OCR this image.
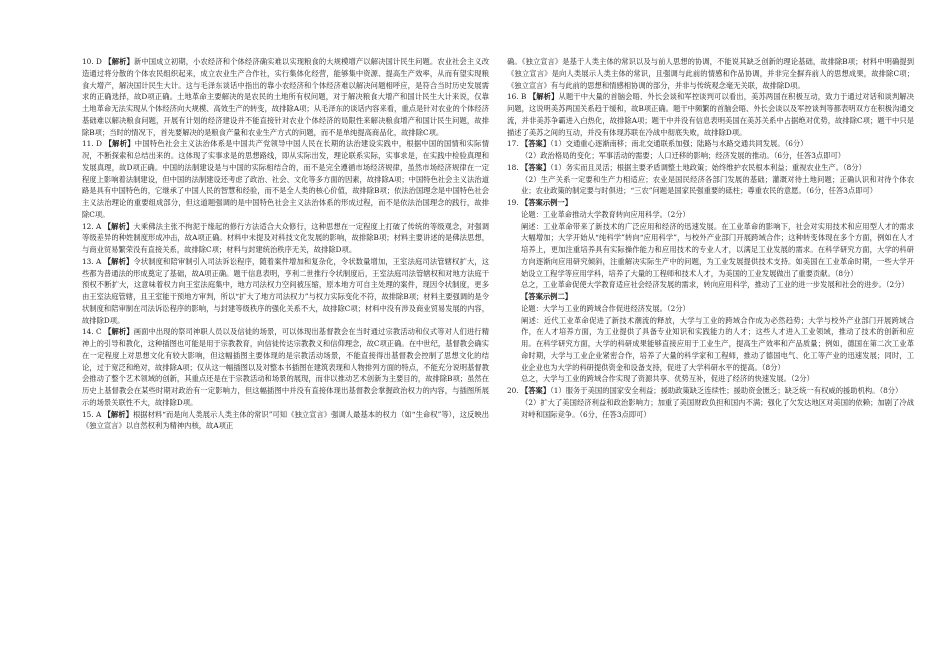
10. D 【解析】新中国成立初期，小农经济和个体经济确实难以实现粮食的大规模增产以解决国计民生问题。农业社会主义改造通过将分散的个体农民组织起来，成立农业生产合作社，实行集体化经营，能够集中资源、提高生产效率，从而有望实现粮食大增产，解决国计民生大计。这与毛泽东谈话中指出的靠小农经济和个体经济难以解决问题相呼应，是符合当时历史发展需求的正确选择，故D项正确。土地革命主要解决的是农民的土地所有权问题，对于解决粮食大增产和国计民生大计来说，仅靠土地革命无法实现从个体经济向大规模、高效生产的转变，故排除A项；从毛泽东的谈话内容来看，重点是针对农业的个体经济基础难以解决粮食问题，开展有计划的经济建设并不能直接针对农业个体经济的局限性来解决粮食增产和国计民生问题，故排除B项；当时的情况下，首先要解决的是粮食产量和农业生产方式的问题，而不是单纯提高商品化，故排除C项。

11. D 【解析】中国特色社会主义法治体系是中国共产党领导中国人民在长期的法治建设实践中，根据中国的国情和实际情况，不断探索和总结出来的。这体现了实事求是的思想路线，即从实际出发，理论联系实际，实事求是，在实践中检验真理和发展真理，故D项正确。中国的法制建设是与中国的实际相结合的，而不是完全遵循市场经济规律，虽然市场经济规律在一定程度上影响着法制建设，但中国的法制建设还考虑了政治、社会、文化等多方面的因素，故排除A项；中国特色社会主义法治道路是具有中国特色的，它继承了中国人民的智慧和经验，而不是全人类的核心价值，故排除B项；依法治国理念是中国特色社会主义法治理论的重要组成部分，但这道题强调的是中国特色社会主义法治体系的形成过程，而不是依法治国理念的践行，故排除C项。

12. A 【解析】大乘佛法主张不拘泥于缘起的修行方法适合大众修行，这种思想在一定程度上打破了传统的等级观念，对强调等级差异的种姓制度形成冲击，故A项正确。材料中未提及对科技文化发展的影响，故排除B项；材料主要讲述的是佛法思想，与商业贸易繁荣没有直接关系，故排除C项；材料与封建统治秩序无关，故排除D项。

13. A 【解析】令状制度和陪审制引入司法诉讼程序，随着案件增加和复杂化，令状数量增加，王室法庭司法管辖权扩大，这些都为普通法的形成奠定了基础，故A项正确。题干信息表明，亨利二世推行令状制度后，王室法庭司法管辖权和对地方法庭干预权不断扩大，这意味着权力向王室法庭集中，地方司法权力空间被压缩，原本地方可自主处理的案件，现因令状制度，更多由王室法庭管辖，且王室能干预地方审判，所以“扩大了地方司法权力”与权力实际变化不符，故排除B项；材料主要强调的是令状制度和陪审制在司法诉讼程序的影响，与封建等级秩序的强化关系不大，故排除C项；材料中没有涉及商业贸易发展的内容，故排除D项。

14. C 【解析】画面中出现的祭司神职人员以及信徒的场景，可以体现出基督教会在当时通过宗教活动和仪式等对人们进行精神上的引导和教化，这种插图也可能是用于宗教教育，向信徒传达宗教教义和信仰理念，故C项正确。在中世纪，基督教会确实在一定程度上对思想文化有较大影响，但这幅插图主要体现的是宗教活动场景，不能直接得出基督教会控制了思想文化的结论，过于宽泛和绝对，故排除A项；仅从这一幅插图以及对整本书插图在建筑表现和人物排列方面的特点，不能充分说明基督教会推动了整个艺术领域的创新，其重点还是在于宗教活动和场景的展现，而非以推动艺术创新为主要目的，故排除B项；虽然在历史上基督教会在某些时期对政治有一定影响力，但这幅插图中并没有直接体现出基督教会掌握政治权力的内容，与插图所展示的场景关联性不大，故排除D项。

15. A 【解析】根据材料“而是向人类展示人类主体的常识”可知《独立宣言》强调人最基本的权力（如“生命权”等），这反映出《独立宣言》以自然权利为精神内核，故A项正

确。《独立宣言》是基于人类主体的常识以及与前人思想的协调，不能说其缺乏创新的理论基础，故排除B项；材料中明确提到《独立宣言》是向人类展示人类主体的常识，且强调与此前的情感和作品协调，并非完全摒弃前人的思想成果，故排除C项；《独立宣言》有与此前的思想和情感相协调的部分，并非与传统观念毫无关联，故排除D项。

16. B 【解析】从题干中大量的首脑会晤、外长会谈和军控谈判可以看出，美苏两国在积极互动，致力于通过对话和谈判解决问题，这说明美苏两国关系趋于缓和，故B项正确。题干中频繁的首脑会晤、外长会谈以及军控谈判等都表明双方在积极沟通交流，并非美苏争霸进入白热化，故排除A项；题干中并没有信息表明美国在美苏关系中占据绝对优势，故排除C项；题干中只是描述了美苏之间的互动，并没有体现苏联在冷战中彻底失败，故排除D项。

17. 【答案】（1）交通重心逐渐南移；南北交通联系加强；陆路与水路交通共同发展。（6分）

（2）政治格局的变化；军事活动的需要；人口迁移的影响；经济发展的推动。（6分，任答3点即可）

18. 【答案】（1）务实而且灵活；根据主要矛盾调整土地政策；始终维护农民根本利益；重视农业生产。（8分）

（2）生产关系一定要和生产力相适应；农业是国民经济各部门发展的基础；灌溉对待土地问题；正确认识和对待个体农业；农业政策的制定要与时俱进；“三农”问题是国家民强重要的砥柱；尊重农民的意愿。（6分，任答3点即可）

19. 【答案示例一】

论题：工业革命推动大学教育转向应用科学。（2分）

阐述：工业革命带来了新技术的广泛应用和经济的迅速发展。在工业革命的影响下，社会对实用技术和应用型人才的需求大幅增加；大学开始从“纯科学”转向“应用科学”，与校外产业部门开展跨域合作；这种转变体现在多个方面，例如在人才培养上，更加注重培养具有实际操作能力和应用技术的专业人才，以满足工业发展的需求。在科学研究方面，大学的科研方向逐渐向应用研究倾斜，注重解决实际生产中的问题，为工业发展提供技术支持。如美国在工业革命时期，一些大学开始设立工程学等应用学科，培养了大量的工程师和技术人才，为美国的工业发展做出了重要贡献。（8分）

总之，工业革命促使大学教育适应社会经济发展的需求，转向应用科学，推动了工业的进一步发展和社会的进步。（2分）

【答案示例二】

论题：大学与工业的跨域合作促进经济发展。（2分）

阐述：近代工业革命促进了新技术潮流的释放，大学与工业的跨域合作成为必然趋势；大学与校外产业部门开展跨域合作，在人才培养方面，为工业提供了具备专业知识和实践能力的人才；这些人才进入工业领域，推动了技术的创新和应用。在科学研究方面，大学的科研成果能够直接应用于工业生产，提高生产效率和产品质量；例如，德国在第二次工业革命时期，大学与工业企业紧密合作，培养了大量的科学家和工程师，推动了德国电气、化工等产业的迅速发展；同时，工业企业也为大学的科研提供资金和设备支持，促进了大学科研水平的提高。（8分）

总之，大学与工业的跨域合作实现了资源共享、优势互补，促进了经济的快速发展。（2分）

20. 【答案】（1）服务于美国的国家安全利益；援助政策缺乏连续性；援助资金匮乏；缺乏统一有权威的援助机构。（8分）

（2）扩大了美国经济利益和政治影响力；加重了美国财政负担和国内不满；强化了欠发达地区对美国的依赖；加剧了冷战对峙和国际竞争。（6分，任答3点即可）
